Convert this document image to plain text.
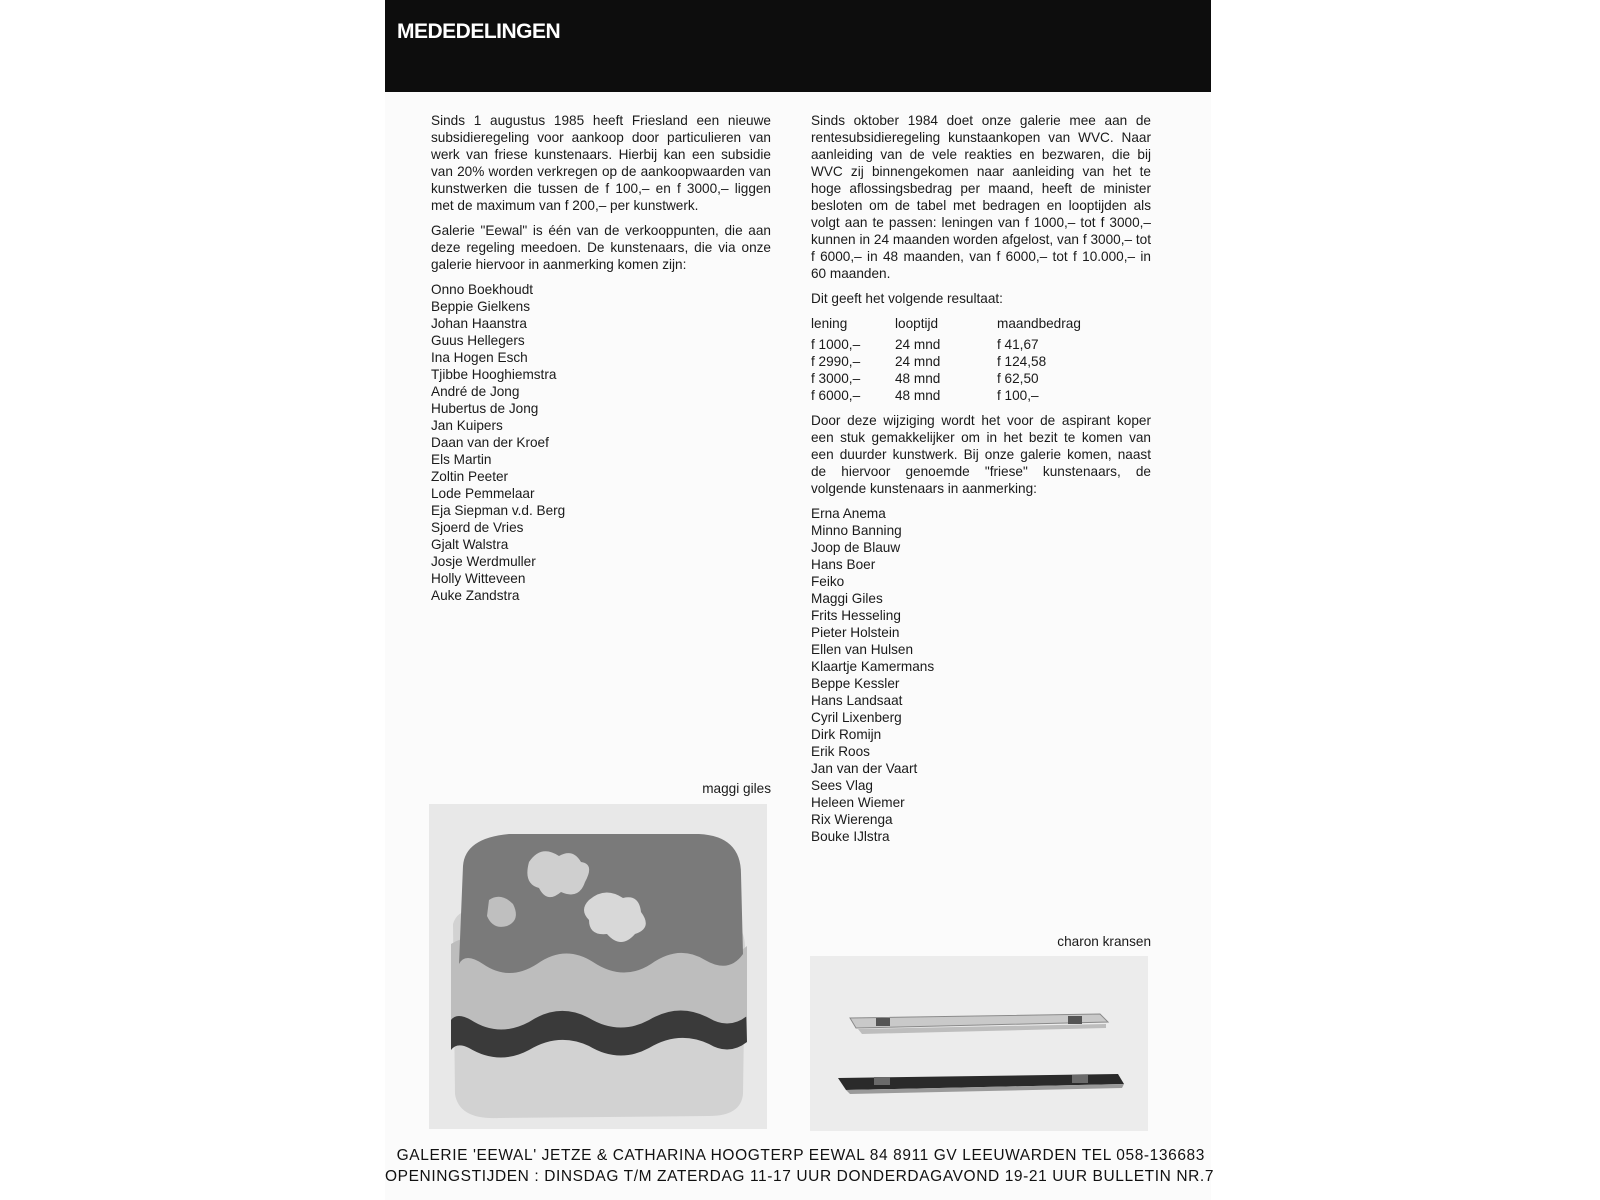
MEDEDELINGEN

Sinds 1 augustus 1985 heeft Friesland een nieuwe subsidieregeling voor aankoop door particulieren van werk van friese kunstenaars. Hierbij kan een subsidie van 20% worden verkregen op de aankoopwaarden van kunstwerken die tussen de f 100,– en f 3000,– liggen met de maximum van f 200,– per kunstwerk.

Galerie "Eewal" is één van de verkooppunten, die aan deze regeling meedoen. De kunstenaars, die via onze galerie hiervoor in aanmerking komen zijn:

Onno Boekhoudt
Beppie Gielkens
Johan Haanstra
Guus Hellegers
Ina Hogen Esch
Tjibbe Hooghiemstra
André de Jong
Hubertus de Jong
Jan Kuipers
Daan van der Kroef
Els Martin
Zoltin Peeter
Lode Pemmelaar
Eja Siepman v.d. Berg
Sjoerd de Vries
Gjalt Walstra
Josje Werdmuller
Holly Witteveen
Auke Zandstra
maggi giles

Sinds oktober 1984 doet onze galerie mee aan de rentesubsidieregeling kunstaankopen van WVC. Naar aanleiding van de vele reakties en bezwaren, die bij WVC zij binnengekomen naar aanleiding van het te hoge aflossingsbedrag per maand, heeft de minister besloten om de tabel met bedragen en looptijden als volgt aan te passen: leningen van f 1000,– tot f 3000,– kunnen in 24 maanden worden afgelost, van f 3000,– tot f 6000,– in 48 maanden, van f 6000,– tot f 10.000,– in 60 maanden.

Dit geeft het volgende resultaat:

lening	looptijd	maandbedrag
f 1000,–	24 mnd	f 41,67
f 2990,–	24 mnd	f 124,58
f 3000,–	48 mnd	f 62,50
f 6000,–	48 mnd	f 100,–

Door deze wijziging wordt het voor de aspirant koper een stuk gemakkelijker om in het bezit te komen van een duurder kunstwerk. Bij onze galerie komen, naast de hiervoor genoemde "friese" kunstenaars, de volgende kunstenaars in aanmerking:

Erna Anema
Minno Banning
Joop de Blauw
Hans Boer
Feiko
Maggi Giles
Frits Hesseling
Pieter Holstein
Ellen van Hulsen
Klaartje Kamermans
Beppe Kessler
Hans Landsaat
Cyril Lixenberg
Dirk Romijn
Erik Roos
Jan van der Vaart
Sees Vlag
Heleen Wiemer
Rix Wierenga
Bouke IJlstra
charon kransen
GALERIE 'EEWAL' JETZE & CATHARINA HOOGTERP EEWAL 84 8911 GV LEEUWARDEN TEL 058-136683
OPENINGSTIJDEN : DINSDAG T/M ZATERDAG 11-17 UUR DONDERDAGAVOND 19-21 UUR BULLETIN NR.7
